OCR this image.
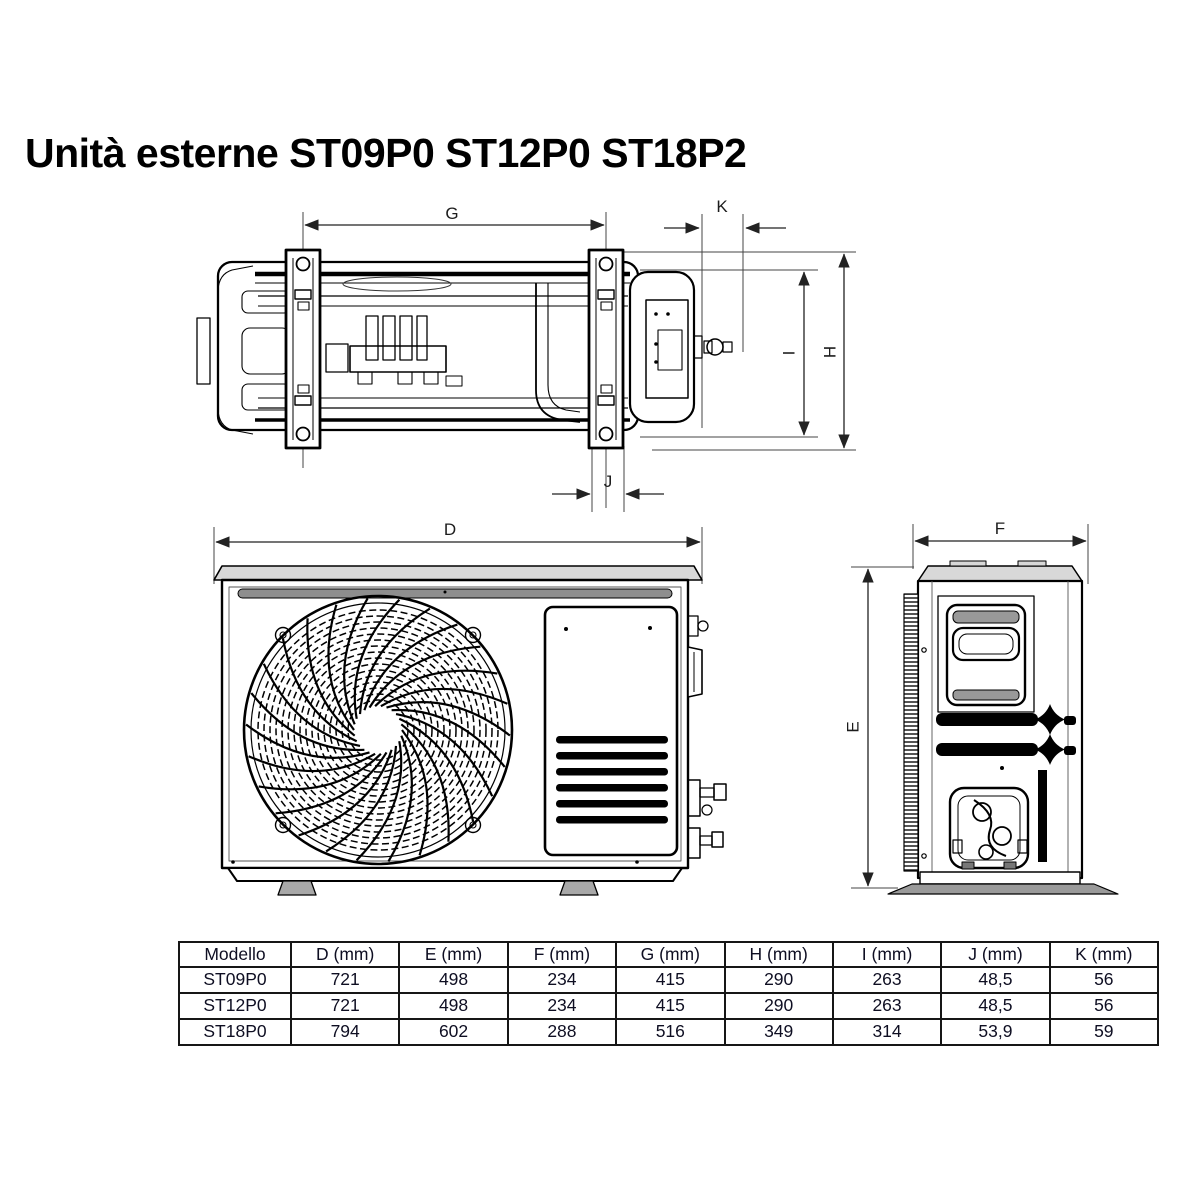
Unità esterne ST09P0 ST12P0 ST18P2
G	K
H
I
J
D	F
E
Modello	D (mm)	E (mm)	F (mm)	G (mm)	H (mm)	I (mm)	J (mm)	K (mm)
ST09P0	721	498	234	415	290	263	48,5	56
ST12P0	721	498	234	415	290	263	48,5	56
ST18P0	794	602	288	516	349	314	53,9	59
